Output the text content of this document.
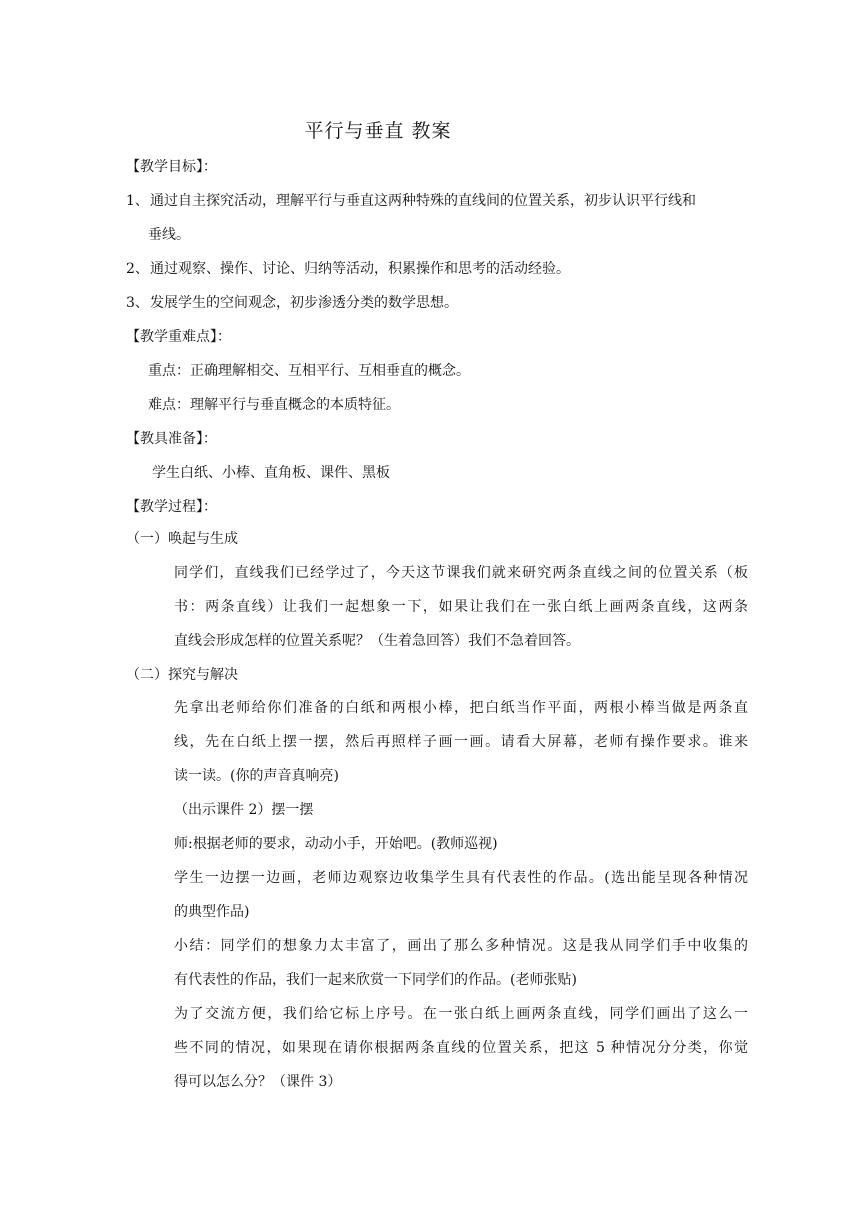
平行与垂直 教案
【教学目标】：
1、通过自主探究活动，理解平行与垂直这两种特殊的直线间的位置关系，初步认识平行线和
垂线。
2、通过观察、操作、讨论、归纳等活动，积累操作和思考的活动经验。
3、发展学生的空间观念，初步渗透分类的数学思想。
【教学重难点】：
重点：正确理解相交、互相平行、互相垂直的概念。
难点：理解平行与垂直概念的本质特征。
【教具准备】：
学生白纸、小棒、直角板、课件、黑板
【教学过程】：
（一）唤起与生成
同学们，直线我们已经学过了，今天这节课我们就来研究两条直线之间的位置关系（板
书：两条直线）让我们一起想象一下，如果让我们在一张白纸上画两条直线，这两条
直线会形成怎样的位置关系呢？（生着急回答）我们不急着回答。
（二）探究与解决
先拿出老师给你们准备的白纸和两根小棒，把白纸当作平面，两根小棒当做是两条直
线，先在白纸上摆一摆，然后再照样子画一画。请看大屏幕，老师有操作要求。谁来
读一读。(你的声音真响亮)
（出示课件 2）摆一摆
师:根据老师的要求，动动小手，开始吧。(教师巡视)
学生一边摆一边画，老师边观察边收集学生具有代表性的作品。(选出能呈现各种情况
的典型作品)
小结：同学们的想象力太丰富了，画出了那么多种情况。这是我从同学们手中收集的
有代表性的作品，我们一起来欣赏一下同学们的作品。(老师张贴)
为了交流方便，我们给它标上序号。在一张白纸上画两条直线，同学们画出了这么一
些不同的情况，如果现在请你根据两条直线的位置关系，把这 5 种情况分分类，你觉
得可以怎么分？（课件 3）
